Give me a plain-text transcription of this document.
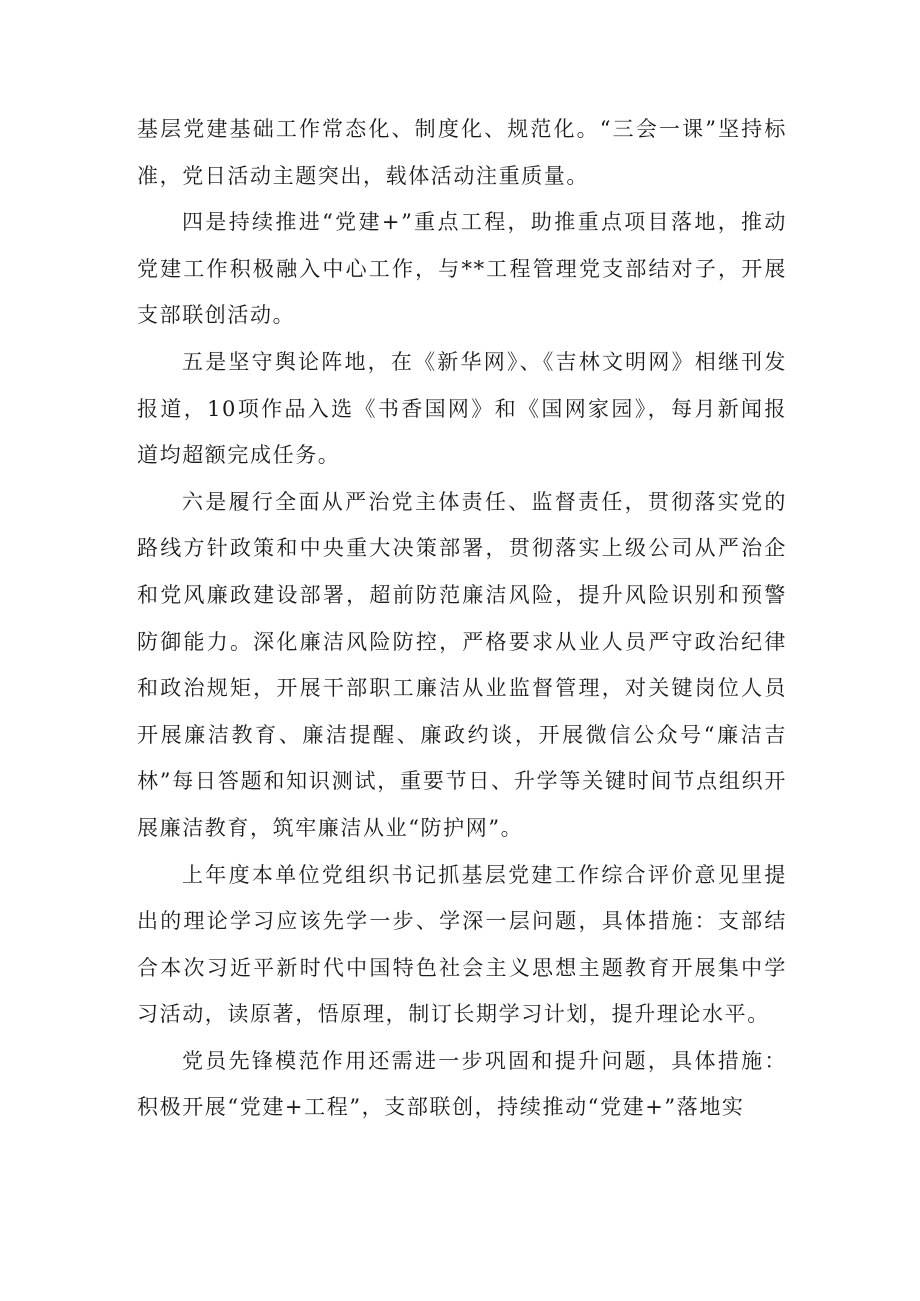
基层党建基础工作常态化、制度化、规范化。“三会一课”坚持标准，党日活动主题突出，载体活动注重质量。

四是持续推进“党建+”重点工程，助推重点项目落地，推动党建工作积极融入中心工作，与**工程管理党支部结对子，开展支部联创活动。

五是坚守舆论阵地，在《新华网》、《吉林文明网》相继刊发报道，10项作品入选《书香国网》和《国网家园》，每月新闻报道均超额完成任务。

六是履行全面从严治党主体责任、监督责任，贯彻落实党的路线方针政策和中央重大决策部署，贯彻落实上级公司从严治企和党风廉政建设部署，超前防范廉洁风险，提升风险识别和预警防御能力。深化廉洁风险防控，严格要求从业人员严守政治纪律和政治规矩，开展干部职工廉洁从业监督管理，对关键岗位人员开展廉洁教育、廉洁提醒、廉政约谈，开展微信公众号“廉洁吉林”每日答题和知识测试，重要节日、升学等关键时间节点组织开展廉洁教育，筑牢廉洁从业“防护网”。

上年度本单位党组织书记抓基层党建工作综合评价意见里提出的理论学习应该先学一步、学深一层问题，具体措施：支部结合本次习近平新时代中国特色社会主义思想主题教育开展集中学习活动，读原著，悟原理，制订长期学习计划，提升理论水平。

党员先锋模范作用还需进一步巩固和提升问题，具体措施：积极开展“党建+工程”，支部联创，持续推动“党建+”落地实
